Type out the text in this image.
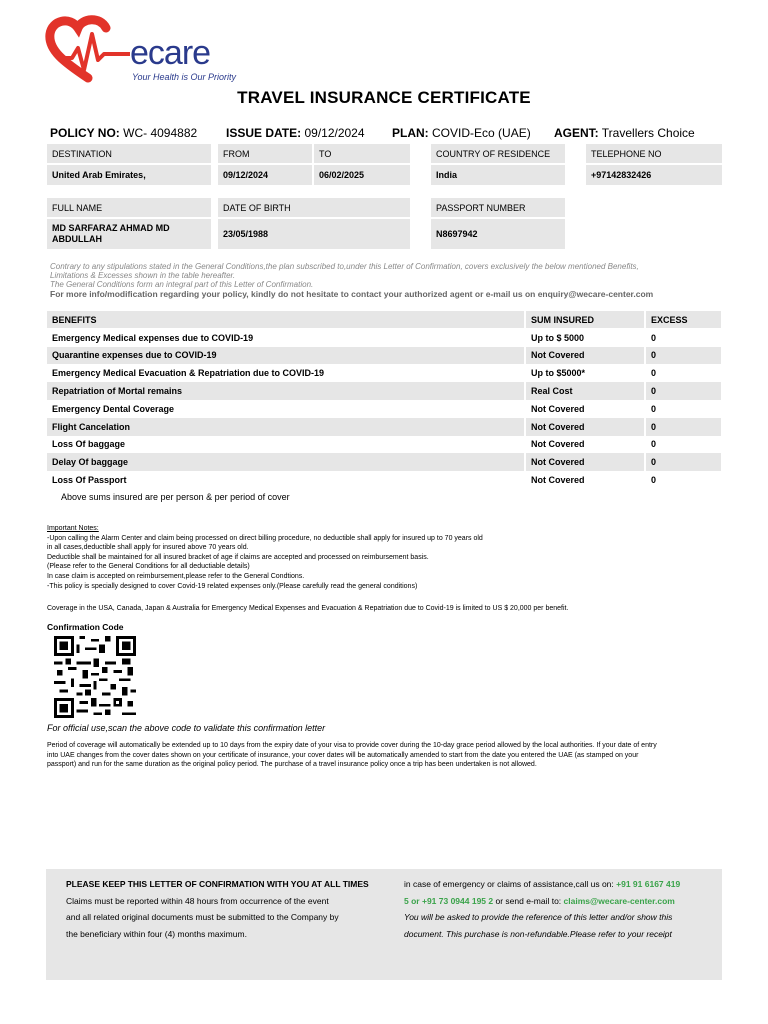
ecare
Your Health is Our Priority
TRAVEL INSURANCE CERTIFICATE
POLICY NO: WC- 4094882 ISSUE DATE: 09/12/2024 PLAN: COVID-Eco (UAE) AGENT: Travellers Choice
DESTINATION
United Arab Emirates,
FROM
09/12/2024
TO
06/02/2025
COUNTRY OF RESIDENCE
India
TELEPHONE NO
+97142832426
FULL NAME
MD SARFARAZ AHMAD MD
ABDULLAH
DATE OF BIRTH
23/05/1988
PASSPORT NUMBER
N8697942
Contrary to any stipulations stated in the General Conditions,the plan subscribed to,under this Letter of Confirmation, covers exclusively the below mentioned Benefits,
Limitations & Excesses shown in the table hereafter.
The General Conditions form an integral part of this Letter of Confirmation.
For more info/modification regarding your policy, kindly do not hesitate to contact your authorized agent or e-mail us on enquiry@wecare-center.com
BENEFITS	SUM INSURED	EXCESS
Emergency Medical expenses due to COVID-19	Up to $ 5000	0
Quarantine expenses due to COVID-19	Not Covered	0
Emergency Medical Evacuation & Repatriation due to COVID-19	Up to $5000*	0
Repatriation of Mortal remains	Real Cost	0
Emergency Dental Coverage	Not Covered	0
Flight Cancelation	Not Covered	0
Loss Of baggage	Not Covered	0
Delay Of baggage	Not Covered	0
Loss Of Passport	Not Covered	0
Above sums insured are per person & per period of cover
Important Notes:
-Upon calling the Alarm Center and claim being processed on direct billing procedure, no deductible shall apply for insured up to 70 years old
in all cases,deductible shall apply for insured above 70 years old.
Deductible shall be maintained for all insured bracket of age if claims are accepted and processed on reimbursement basis.
(Please refer to the General Conditions for all deductiable details)
In case claim is accepted on reimbursement,please refer to the General Condtions.
-This policy is specially designed to cover Covid-19 related expenses only.(Please carefully read the general conditions)
Coverage in the USA, Canada, Japan & Australia for Emergency Medical Expenses and Evacuation & Repatriation due to Covid-19 is limited to US $ 20,000 per benefit.
Confirmation Code
For official use,scan the above code to validate this confirmation letter
Period of coverage will automatically be extended up to 10 days from the expiry date of your visa to provide cover during the 10-day grace period allowed by the local authorities. If your date of entry
into UAE changes from the cover dates shown on your certificate of insurance, your cover dates will be automatically amended to start from the date you entered the UAE (as stamped on your
passport) and run for the same duration as the original policy period. The purchase of a travel insurance policy once a trip has been undertaken is not allowed.
PLEASE KEEP THIS LETTER OF CONFIRMATION WITH YOU AT ALL TIMES
Claims must be reported within 48 hours from occurrence of the event
and all related original documents must be submitted to the Company by
the beneficiary within four (4) months maximum.
in case of emergency or claims of assistance,call us on: +91 91 6167 419
5 or +91 73 0944 195 2 or send e-mail to: claims@wecare-center.com
You will be asked to provide the reference of this letter and/or show this
document. This purchase is non-refundable.Please refer to your receipt
